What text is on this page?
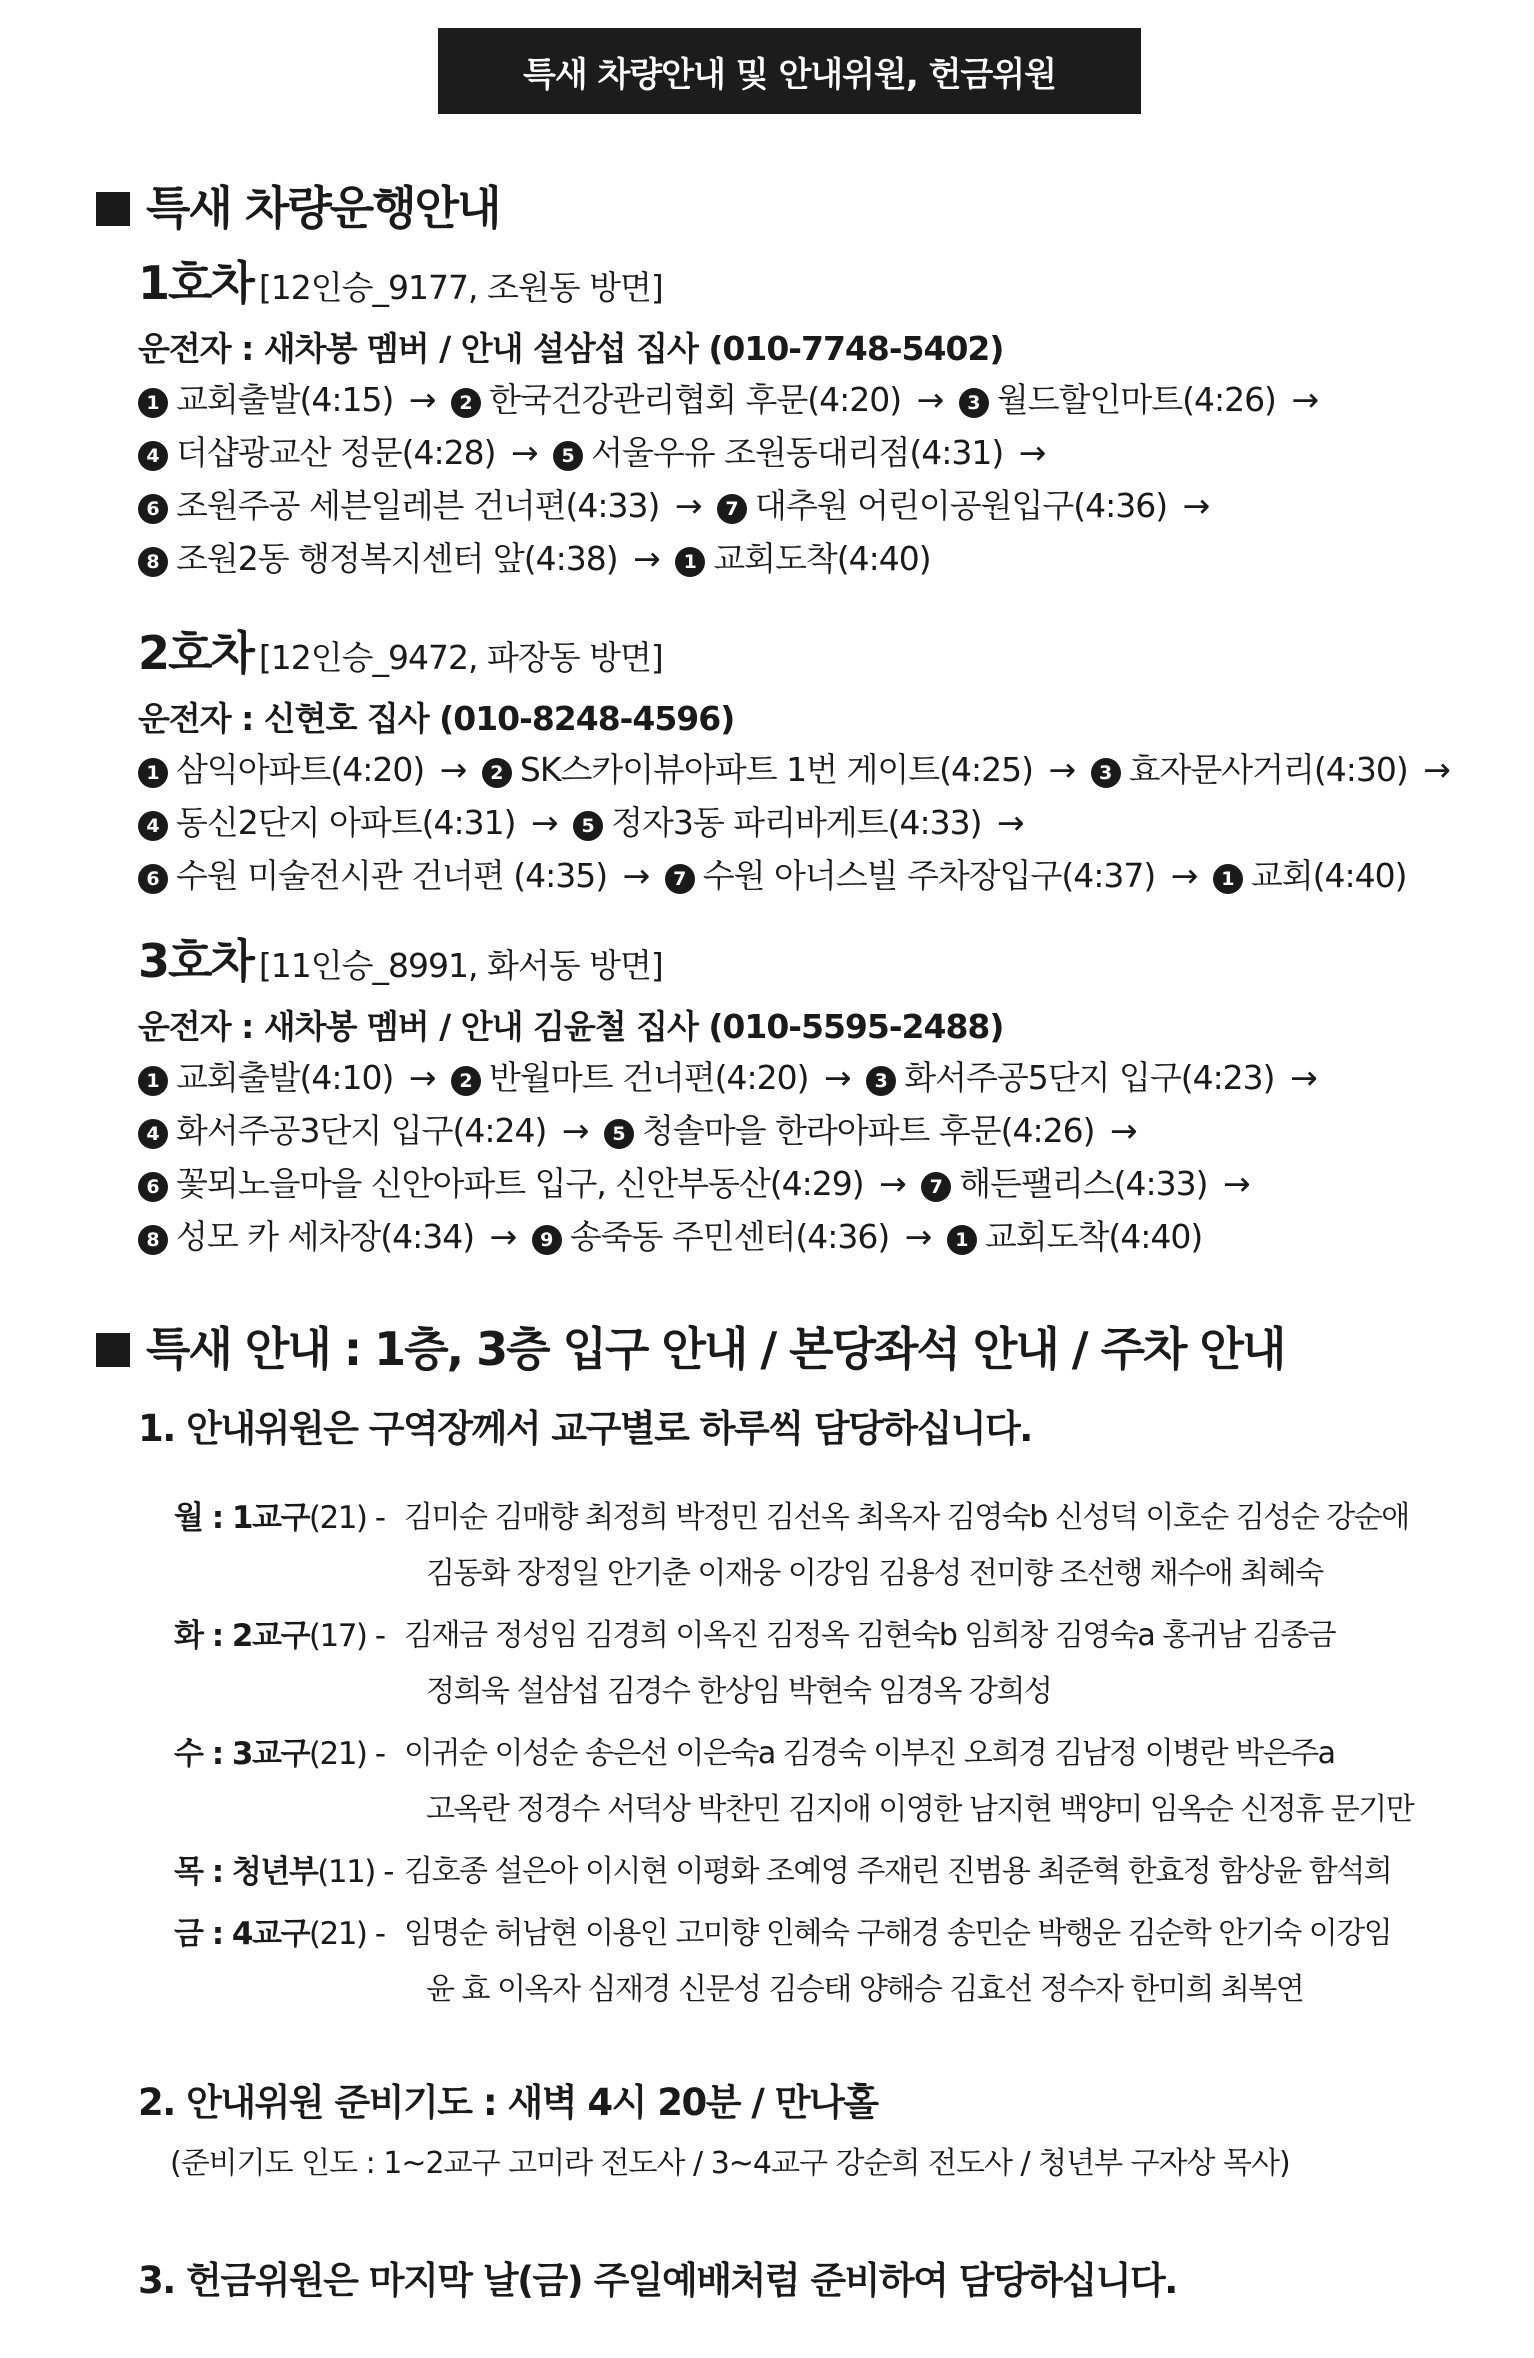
특새 차량안내 및 안내위원, 헌금위원
특새 차량운행안내
1호차 [12인승_9177, 조원동 방면]
운전자 : 새차봉 멤버 / 안내 설삼섭 집사 (010-7748-5402)
1 교회출발(4:15) → 2 한국건강관리협회 후문(4:20) → 3 월드할인마트(4:26) → 4 더샵광교산 정문(4:28) → 5 서울우유 조원동대리점(4:31) → 6 조원주공 세븐일레븐 건너편(4:33) → 7 대추원 어린이공원입구(4:36) → 8 조원2동 행정복지센터 앞(4:38) → 1 교회도착(4:40)
2호차 [12인승_9472, 파장동 방면]
운전자 : 신현호 집사 (010-8248-4596)
1 삼익아파트(4:20) → 2 SK스카이뷰아파트 1번 게이트(4:25) → 3 효자문사거리(4:30) → 4 동신2단지 아파트(4:31) → 5 정자3동 파리바게트(4:33) → 6 수원 미술전시관 건너편 (4:35) → 7 수원 아너스빌 주차장입구(4:37) → 1 교회(4:40)
3호차 [11인승_8991, 화서동 방면]
운전자 : 새차봉 멤버 / 안내 김윤철 집사 (010-5595-2488)
1 교회출발(4:10) → 2 반월마트 건너편(4:20) → 3 화서주공5단지 입구(4:23) → 4 화서주공3단지 입구(4:24) → 5 청솔마을 한라아파트 후문(4:26) → 6 꽃뫼노을마을 신안아파트 입구, 신안부동산(4:29) → 7 해든팰리스(4:33) → 8 성모 카 세차장(4:34) → 9 송죽동 주민센터(4:36) → 1 교회도착(4:40)
특새 안내 : 1층, 3층 입구 안내 / 본당좌석 안내 / 주차 안내
1. 안내위원은 구역장께서 교구별로 하루씩 담당하십니다.
월 : 1교구(21) - 김미순 김매향 최정희 박정민 김선옥 최옥자 김영숙b 신성덕 이호순 김성순 강순애
김동화 장정일 안기춘 이재웅 이강임 김용성 전미향 조선행 채수애 최혜숙
화 : 2교구(17) - 김재금 정성임 김경희 이옥진 김정옥 김현숙b 임희창 김영숙a 홍귀남 김종금
정희욱 설삼섭 김경수 한상임 박현숙 임경옥 강희성
수 : 3교구(21) - 이귀순 이성순 송은선 이은숙a 김경숙 이부진 오희경 김남정 이병란 박은주a
고옥란 정경수 서덕상 박찬민 김지애 이영한 남지현 백양미 임옥순 신정휴 문기만
목 : 청년부(11) - 김호종 설은아 이시현 이평화 조예영 주재린 진범용 최준혁 한효정 함상윤 함석희
금 : 4교구(21) - 임명순 허남현 이용인 고미향 인혜숙 구해경 송민순 박행운 김순학 안기숙 이강임
윤 효 이옥자 심재경 신문성 김승태 양해승 김효선 정수자 한미희 최복연
2. 안내위원 준비기도 : 새벽 4시 20분 / 만나홀
(준비기도 인도 : 1~2교구 고미라 전도사 / 3~4교구 강순희 전도사 / 청년부 구자상 목사)
3. 헌금위원은 마지막 날(금) 주일예배처럼 준비하여 담당하십니다.
